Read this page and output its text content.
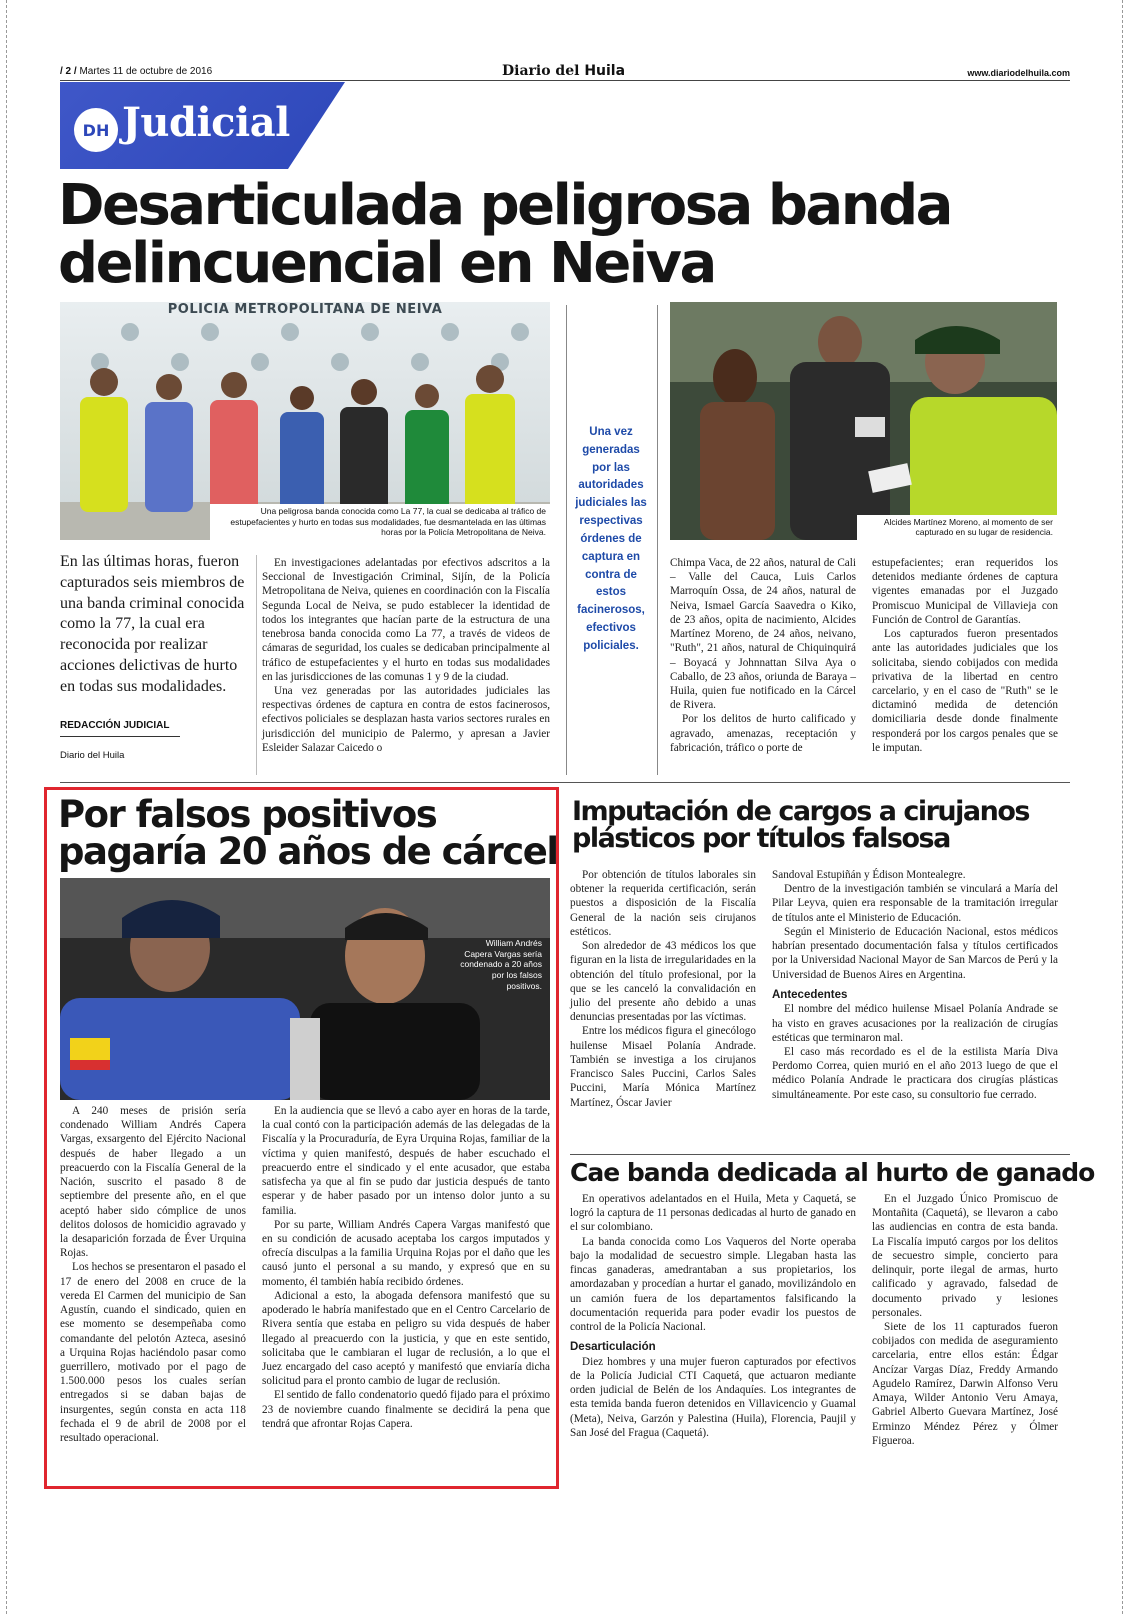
/ 2 / Martes 11 de octubre de 2016	Diario del Huila	www.diariodelhuila.com
DH Judicial
Desarticulada peligrosa banda
delincuencial en Neiva
POLICIA METROPOLITANA DE NEIVA
Una peligrosa banda conocida como La 77, la cual se dedicaba al tráfico de estupefacientes y hurto en todas sus modalidades, fue desmantelada en las últimas horas por la Policía Metropolitana de Neiva.
Alcides Martínez Moreno, al momento de ser capturado en su lugar de residencia.
Una vez generadas por las autoridades judiciales las respectivas órdenes de captura en contra de estos facinerosos, efectivos policiales.
En las últimas horas, fueron capturados seis miembros de una banda criminal conocida como la 77, la cual era reconocida por realizar acciones delictivas de hurto en todas sus modalidades.
REDACCIÓN JUDICIAL
Diario del Huila

En investigaciones adelantadas por efectivos adscritos a la Seccional de Investigación Criminal, Sijín, de la Policía Metropolitana de Neiva, quienes en coordinación con la Fiscalía Segunda Local de Neiva, se pudo establecer la identidad de todos los integrantes que hacían parte de la estructura de una tenebrosa banda conocida como La 77, a través de videos de cámaras de seguridad, los cuales se dedicaban principalmente al tráfico de estupefacientes y el hurto en todas sus modalidades en las jurisdicciones de las comunas 1 y 9 de la ciudad.

Una vez generadas por las autoridades judiciales las respectivas órdenes de captura en contra de estos facinerosos, efectivos policiales se desplazan hasta varios sectores rurales en jurisdicción del municipio de Palermo, y apresan a Javier Esleider Salazar Caicedo o

Chimpa Vaca, de 22 años, natural de Cali – Valle del Cauca, Luis Carlos Marroquín Ossa, de 24 años, natural de Neiva, Ismael García Saavedra o Kiko, de 23 años, opita de nacimiento, Alcides Martínez Moreno, de 24 años, neivano, "Ruth", 21 años, natural de Chiquinquirá – Boyacá y Johnnattan Silva Aya o Caballo, de 23 años, oriunda de Baraya – Huila, quien fue notificado en la Cárcel de Rivera.

Por los delitos de hurto calificado y agravado, amenazas, receptación y fabricación, tráfico o porte de

estupefacientes; eran requeridos los detenidos mediante órdenes de captura vigentes emanadas por el Juzgado Promiscuo Municipal de Villavieja con Función de Control de Garantías.

Los capturados fueron presentados ante las autoridades judiciales que los solicitaba, siendo cobijados con medida privativa de la libertad en centro carcelario, y en el caso de "Ruth" se le dictaminó medida de detención domiciliaria desde donde finalmente responderá por los cargos penales que se le imputan.

Por falsos positivos
pagaría 20 años de cárcel
William Andrés Capera Vargas sería condenado a 20 años por los falsos positivos.

A 240 meses de prisión sería condenado William Andrés Capera Vargas, exsargento del Ejército Nacional después de haber llegado a un preacuerdo con la Fiscalía General de la Nación, suscrito el pasado 8 de septiembre del presente año, en el que aceptó haber sido cómplice de unos delitos dolosos de homicidio agravado y la desaparición forzada de Éver Urquina Rojas.

Los hechos se presentaron el pasado el 17 de enero del 2008 en cruce de la vereda El Carmen del municipio de San Agustín, cuando el sindicado, quien en ese momento se desempeñaba como comandante del pelotón Azteca, asesinó a Urquina Rojas haciéndolo pasar como guerrillero, motivado por el pago de 1.500.000 pesos los cuales serían entregados si se daban bajas de insurgentes, según consta en acta 118 fechada el 9 de abril de 2008 por el resultado operacional.

En la audiencia que se llevó a cabo ayer en horas de la tarde, la cual contó con la participación además de las delegadas de la Fiscalía y la Procuraduría, de Eyra Urquina Rojas, familiar de la víctima y quien manifestó, después de haber escuchado el preacuerdo entre el sindicado y el ente acusador, que estaba satisfecha ya que al fin se pudo dar justicia después de tanto esperar y de haber pasado por un intenso dolor junto a su familia.

Por su parte, William Andrés Capera Vargas manifestó que en su condición de acusado aceptaba los cargos imputados y ofrecía disculpas a la familia Urquina Rojas por el daño que les causó junto el personal a su mando, y expresó que en su momento, él también había recibido órdenes.

Adicional a esto, la abogada defensora manifestó que su apoderado le habría manifestado que en el Centro Carcelario de Rivera sentía que estaba en peligro su vida después de haber llegado al preacuerdo con la justicia, y que en este sentido, solicitaba que le cambiaran el lugar de reclusión, a lo que el Juez encargado del caso aceptó y manifestó que enviaría dicha solicitud para el pronto cambio de lugar de reclusión.

El sentido de fallo condenatorio quedó fijado para el próximo 23 de noviembre cuando finalmente se decidirá la pena que tendrá que afrontar Rojas Capera.

Imputación de cargos a cirujanos
plásticos por títulos falsosa

Por obtención de títulos laborales sin obtener la requerida certificación, serán puestos a disposición de la Fiscalía General de la nación seis cirujanos estéticos.

Son alrededor de 43 médicos los que figuran en la lista de irregularidades en la obtención del título profesional, por la que se les canceló la convalidación en julio del presente año debido a unas denuncias presentadas por las víctimas.

Entre los médicos figura el ginecólogo huilense Misael Polanía Andrade. También se investiga a los cirujanos Francisco Sales Puccini, Carlos Sales Puccini, María Mónica Martínez Martínez, Óscar Javier

Sandoval Estupiñán y Édison Montealegre.

Dentro de la investigación también se vinculará a María del Pilar Leyva, quien era responsable de la tramitación irregular de títulos ante el Ministerio de Educación.

Según el Ministerio de Educación Nacional, estos médicos habrían presentado documentación falsa y títulos certificados por la Universidad Nacional Mayor de San Marcos de Perú y la Universidad de Buenos Aires en Argentina.

Antecedentes

El nombre del médico huilense Misael Polanía Andrade se ha visto en graves acusaciones por la realización de cirugías estéticas que terminaron mal.

El caso más recordado es el de la estilista María Diva Perdomo Correa, quien murió en el año 2013 luego de que el médico Polanía Andrade le practicara dos cirugías plásticas simultáneamente. Por este caso, su consultorio fue cerrado.

Cae banda dedicada al hurto de ganado

En operativos adelantados en el Huila, Meta y Caquetá, se logró la captura de 11 personas dedicadas al hurto de ganado en el sur colombiano.

La banda conocida como Los Vaqueros del Norte operaba bajo la modalidad de secuestro simple. Llegaban hasta las fincas ganaderas, amedrantaban a sus propietarios, los amordazaban y procedían a hurtar el ganado, movilizándolo en un camión fuera de los departamentos falsificando la documentación requerida para poder evadir los puestos de control de la Policía Nacional.

Desarticulación

Diez hombres y una mujer fueron capturados por efectivos de la Policía Judicial CTI Caquetá, que actuaron mediante orden judicial de Belén de los Andaquíes. Los integrantes de esta temida banda fueron detenidos en Villavicencio y Guamal (Meta), Neiva, Garzón y Palestina (Huila), Florencia, Paujil y San José del Fragua (Caquetá).

En el Juzgado Único Promiscuo de Montañita (Caquetá), se llevaron a cabo las audiencias en contra de esta banda. La Fiscalía imputó cargos por los delitos de secuestro simple, concierto para delinquir, porte ilegal de armas, hurto calificado y agravado, falsedad de documento privado y lesiones personales.

Siete de los 11 capturados fueron cobijados con medida de aseguramiento carcelaria, entre ellos están: Édgar Ancízar Vargas Díaz, Freddy Armando Agudelo Ramírez, Darwin Alfonso Veru Amaya, Wilder Antonio Veru Amaya, Gabriel Alberto Guevara Martínez, José Erminzo Méndez Pérez y Ólmer Figueroa.
